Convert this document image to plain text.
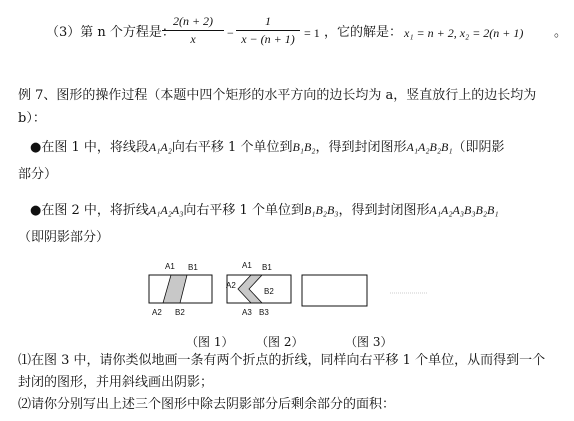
（3）第 n 个方程是：
2(n + 2)
x	−
1
x − (n + 1) = 1 ，它的解是： x₁ = n + 2, x₂ = 2(n + 1) 。
例 7、图形的操作过程（本题中四个矩形的水平方向的边长均为 a，竖直放行上的边长均为
b）：
●在图 1 中，将线段A₁A₂向右平移 1 个单位到B₁B₂，得到封闭图形A₁A₂B₂B₁（即阴影
部分）
●在图 2 中，将折线A₁A₂A₃向右平移 1 个单位到B₁B₂B₃，得到封闭图形A₁A₂A₃B₃B₂B₁
（即阴影部分）
A1 B1
A2 B2
A1 B1
A2
B2
A3 B3
（图 1） （图 2）	（图 3）
⑴在图 3 中，请你类似地画一条有两个折点的折线，同样向右平移 1 个单位，从而得到一个
封闭的图形，并用斜线画出阴影；
⑵请你分别写出上述三个图形中除去阴影部分后剩余部分的面积：
